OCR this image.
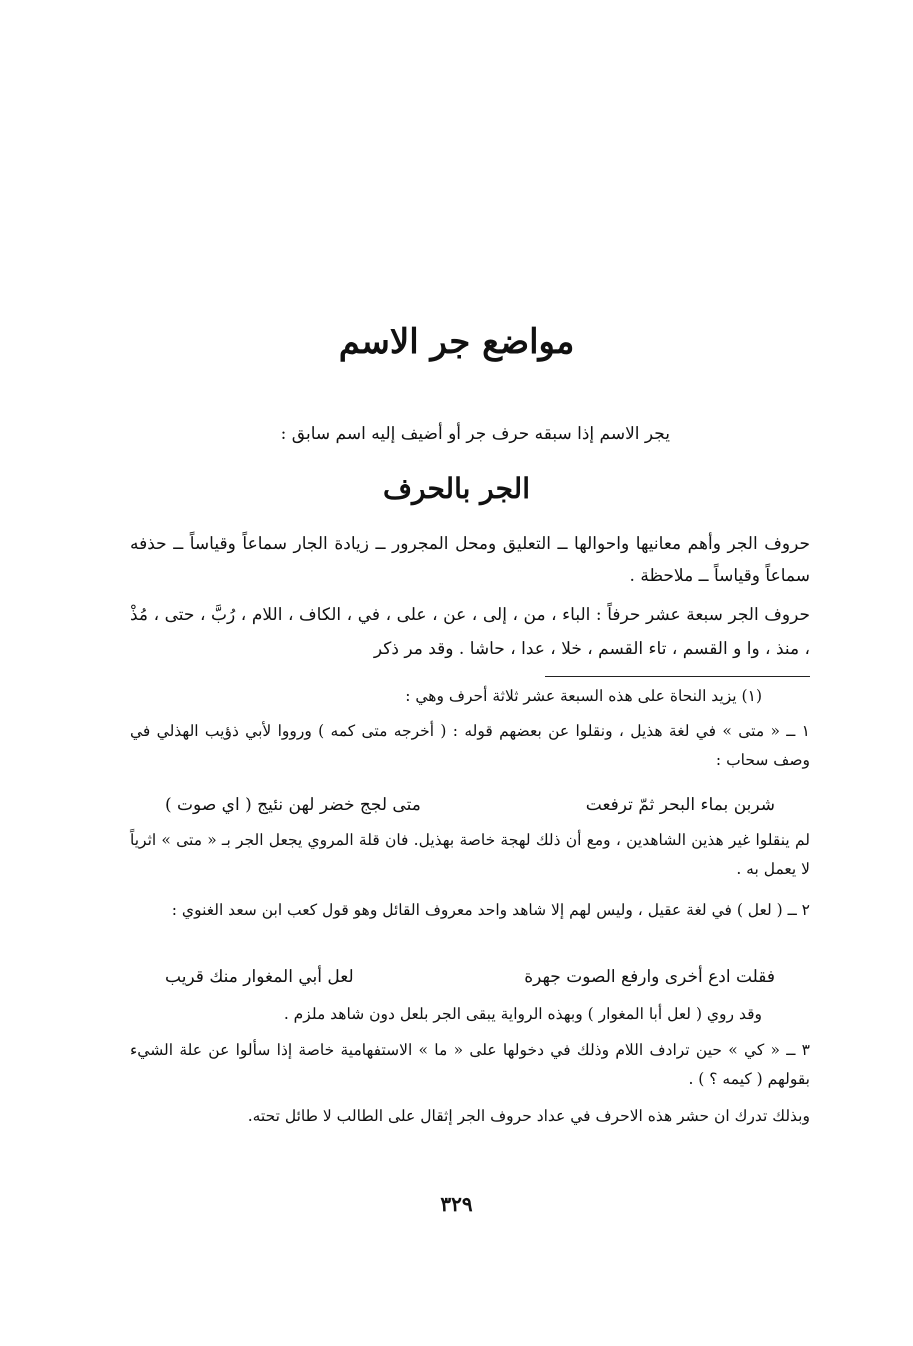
مواضع جر الاسم
يجر الاسم إذا سبقه حرف جر أو أضيف إليه اسم سابق :
الجر بالحرف
حروف الجر وأهم معانيها واحوالها ــ التعليق ومحل المجرور ــ زيادة الجار سماعاً وقياساً ــ حذفه سماعاً وقياساً ــ ملاحظة .
حروف الجر سبعة عشر حرفاً : الباء ، من ، إلى ، عن ، على ، في ، الكاف ، اللام ، رُبَّ ، حتى ، مُذْ ، منذ ، وا و القسم ، تاء القسم ، خلا ، عدا ، حاشا . وقد مر ذكر
(١) يزيد النحاة على هذه السبعة عشر ثلاثة أحرف وهي :
١ ــ « متى » في لغة هذيل ، ونقلوا عن بعضهم قوله : ( أخرجه متى كمه ) ورووا لأبي ذؤيب الهذلي في وصف سحاب :
شربن بماء البحر ثمّ ترفعت
متى لجج خضر لهن نئيج ( اي صوت )
لم ينقلوا غير هذين الشاهدين ، ومع أن ذلك لهجة خاصة بهذيل. فان قلة المروي يجعل الجر بـ « متى » اثرياً لا يعمل به .
٢ ــ ( لعل ) في لغة عقيل ، وليس لهم إلا شاهد واحد معروف القائل وهو قول كعب ابن سعد الغنوي :
فقلت ادع أخرى وارفع الصوت جهرة
لعل أبي المغوار منك قريب
وقد روي ( لعل أبا المغوار ) وبهذه الرواية يبقى الجر بلعل دون شاهد ملزم .
٣ ــ « كي » حين ترادف اللام وذلك في دخولها على « ما » الاستفهامية خاصة إذا سألوا عن علة الشيء بقولهم ( كيمه ؟ ) .
وبذلك تدرك ان حشر هذه الاحرف في عداد حروف الجر إثقال على الطالب لا طائل تحته.
٣٢٩
